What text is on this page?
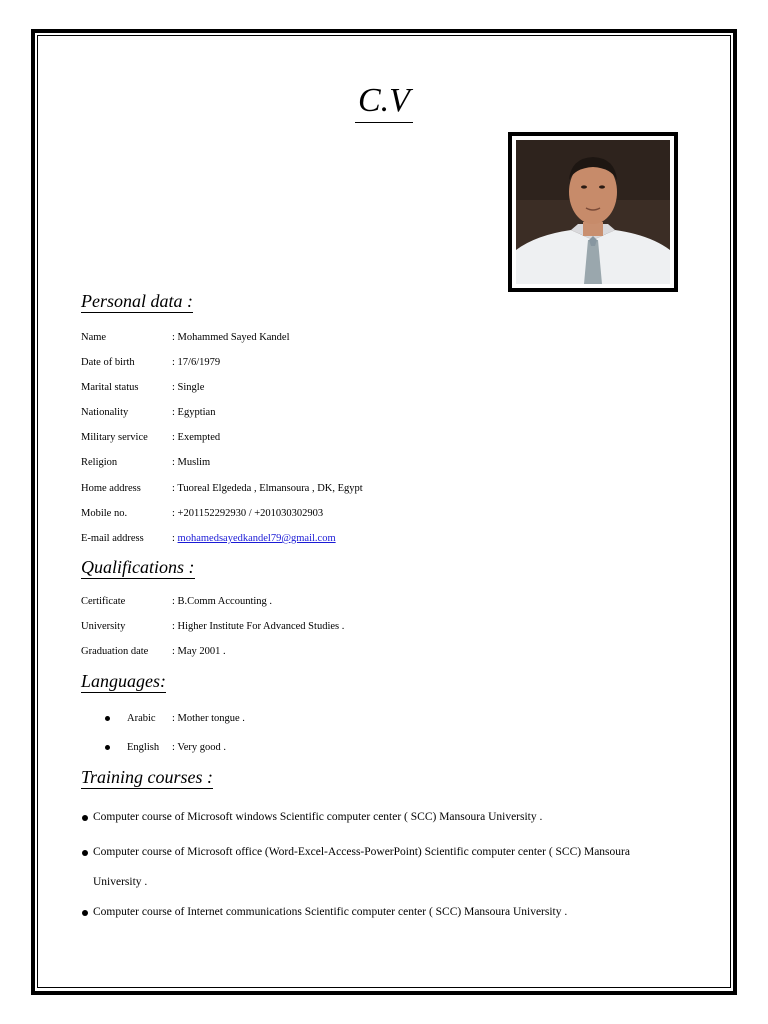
C.V
Personal data :
Name	: Mohammed Sayed Kandel
Date of birth	: 17/6/1979
Marital status	: Single
Nationality	: Egyptian
Military service : Exempted
Religion	: Muslim
Home address	: Tuoreal Elgededa , Elmansoura , DK, Egypt
Mobile no.	: +201152292930 / +201030302903
E-mail address	: mohamedsayedkandel79@gmail.com
Qualifications :
Certificate	: B.Comm Accounting .
University	: Higher Institute For Advanced Studies .
Graduation date : May 2001 .
Languages:
Arabic : Mother tongue .
English : Very good .
Training courses :
Computer course of Microsoft windows Scientific computer center ( SCC) Mansoura University .
Computer course of Microsoft office (Word-Excel-Access-PowerPoint) Scientific computer center ( SCC) Mansoura
University .
Computer course of Internet communications Scientific computer center ( SCC) Mansoura University .
